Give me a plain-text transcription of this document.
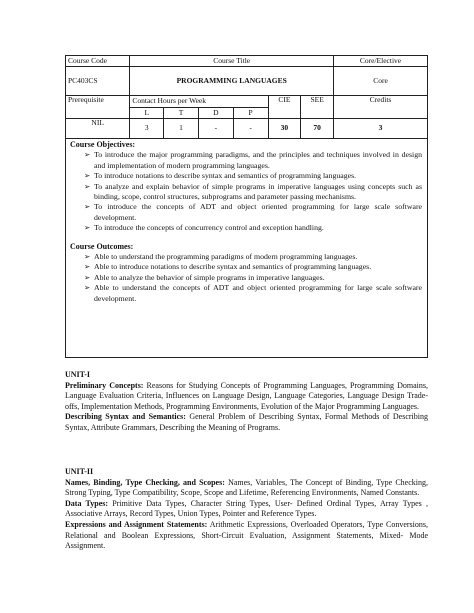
Course Code	Course Title						Core/Elective
PC403CS	PROGRAMMING LANGUAGES						Core
Prerequisite	Contact Hours per Week				CIE	SEE	Credits
	L	T	D	P			
NIL	3	1	-	-	30	70	3
Course Objectives:
➢ To introduce the major programming paradigms, and the principles and techniques involved in design and implementation of modern programming languages.
➢ To introduce notations to describe syntax and semantics of programming languages.
➢ To analyze and explain behavior of simple programs in imperative languages using concepts such as binding, scope, control structures, subprograms and parameter passing mechanisms.
➢ To introduce the concepts of ADT and object oriented programming for large scale software development.
➢ To introduce the concepts of concurrency control and exception handling.
Course Outcomes:
➢ Able to understand the programming paradigms of modern programming languages.
➢ Able to introduce notations to describe syntax and semantics of programming languages.
➢ Able to analyze the behavior of simple programs in imperative languages.
➢ Able to understand the concepts of ADT and object oriented programming for large scale software development.

UNIT-I

Preliminary Concepts: Reasons for Studying Concepts of Programming Languages, Programming Domains, Language Evaluation Criteria, Influences on Language Design, Language Categories, Language Design Trade-offs, Implementation Methods, Programming Environments, Evolution of the Major Programming Languages.

Describing Syntax and Semantics: General Problem of Describing Syntax, Formal Methods of Describing Syntax, Attribute Grammars, Describing the Meaning of Programs.

UNIT-II

Names, Binding, Type Checking, and Scopes: Names, Variables, The Concept of Binding, Type Checking, Strong Typing, Type Compatibility, Scope, Scope and Lifetime, Referencing Environments, Named Constants.

Data Types: Primitive Data Types, Character String Types, User- Defined Ordinal Types, Array Types , Associative Arrays, Record Types, Union Types, Pointer and Reference Types.

Expressions and Assignment Statements: Arithmetic Expressions, Overloaded Operators, Type Conversions, Relational and Boolean Expressions, Short-Circuit Evaluation, Assignment Statements, Mixed- Mode Assignment.
